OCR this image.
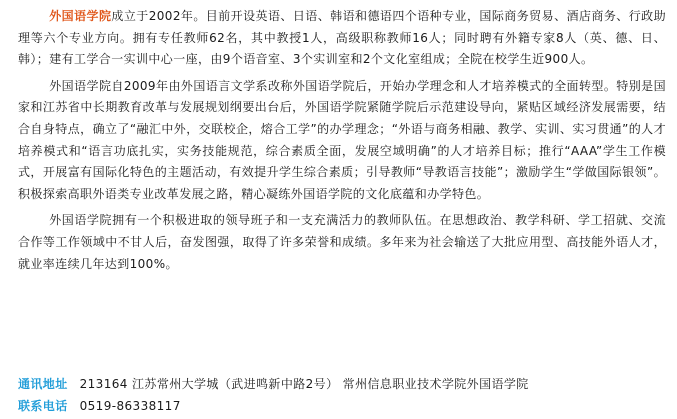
外国语学院成立于2002年。目前开设英语、日语、韩语和德语四个语种专业，国际商务贸易、酒店商务、行政助理等六个专业方向。拥有专任教师62名，其中教授1人，高级职称教师16人；同时聘有外籍专家8人（英、德、日、韩）；建有工学合一实训中心一座，由9个语音室、3个实训室和2个文化室组成；全院在校学生近900人。

外国语学院自2009年由外国语言文学系改称外国语学院后，开始办学理念和人才培养模式的全面转型。特别是国家和江苏省中长期教育改革与发展规划纲要出台后，外国语学院紧随学院后示范建设导向，紧贴区域经济发展需要，结合自身特点，确立了“融汇中外，交联校企，熔合工学”的办学理念；“外语与商务相融、教学、实训、实习贯通”的人才培养模式和“语言功底扎实，实务技能规范，综合素质全面，发展空域明确”的人才培养目标；推行“AAA”学生工作模式，开展富有国际化特色的主题活动，有效提升学生综合素质；引导教师“导教语言技能”；激励学生“学做国际银领”。积极探索高职外语类专业改革发展之路，精心凝练外国语学院的文化底蕴和办学特色。

外国语学院拥有一个积极进取的领导班子和一支充满活力的教师队伍。在思想政治、教学科研、学工招就、交流合作等工作领域中不甘人后，奋发图强，取得了许多荣誉和成绩。多年来为社会输送了大批应用型、高技能外语人才，就业率连续几年达到100%。

通讯地址 213164 江苏常州大学城（武进鸣新中路2号） 常州信息职业技术学院外国语学院

联系电话 0519-86338117
